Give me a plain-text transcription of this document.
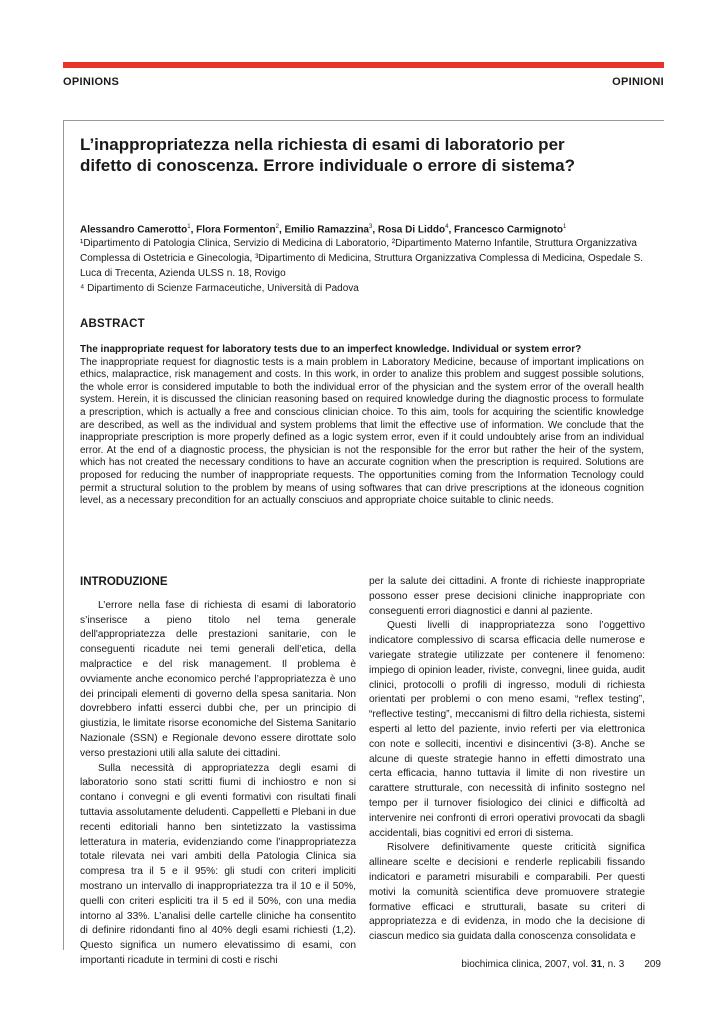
OPINIONS	OPINIONI
L’inappropriatezza nella richiesta di esami di laboratorio per difetto di conoscenza. Errore individuale o errore di sistema?
Alessandro Camerotto$^1$, Flora Formenton$^2$, Emilio Ramazzina$^3$, Rosa Di Liddo$^4$, Francesco Carmignoto$^1$

¹Dipartimento di Patologia Clinica, Servizio di Medicina di Laboratorio, ²Dipartimento Materno Infantile, Struttura Organizzativa Complessa di Ostetricia e Ginecologia, ³Dipartimento di Medicina, Struttura Organizzativa Complessa di Medicina, Ospedale S. Luca di Trecenta, Azienda ULSS n. 18, Rovigo

⁴ Dipartimento di Scienze Farmaceutiche, Università di Padova

ABSTRACT

The inappropriate request for laboratory tests due to an imperfect knowledge. Individual or system error?

The inappropriate request for diagnostic tests is a main problem in Laboratory Medicine, because of important implications on ethics, malapractice, risk management and costs. In this work, in order to analize this problem and suggest possible solutions, the whole error is considered imputable to both the individual error of the physician and the system error of the overall health system. Herein, it is discussed the clinician reasoning based on required knowledge during the diagnostic process to formulate a prescription, which is actually a free and conscious clinician choice. To this aim, tools for acquiring the scientific knowledge are described, as well as the individual and system problems that limit the effective use of information. We conclude that the inappropriate prescription is more properly defined as a logic system error, even if it could undoubtely arise from an individual error. At the end of a diagnostic process, the physician is not the responsible for the error but rather the heir of the system, which has not created the necessary conditions to have an accurate cognition when the prescription is required. Solutions are proposed for reducing the number of inappropriate requests. The opportunities coming from the Information Tecnology could permit a structural solution to the problem by means of using softwares that can drive prescriptions at the idoneous cognition level, as a necessary precondition for an actually consciuos and appropriate choice suitable to clinic needs.

INTRODUZIONE

L’errore nella fase di richiesta di esami di laboratorio s’inserisce a pieno titolo nel tema generale dell'appropriatezza delle prestazioni sanitarie, con le conseguenti ricadute nei temi generali dell’etica, della malpractice e del risk management. Il problema è ovviamente anche economico perché l’appropriatezza è uno dei principali elementi di governo della spesa sanitaria. Non dovrebbero infatti esserci dubbi che, per un principio di giustizia, le limitate risorse economiche del Sistema Sanitario Nazionale (SSN) e Regionale devono essere dirottate solo verso prestazioni utili alla salute dei cittadini.

Sulla necessità di appropriatezza degli esami di laboratorio sono stati scritti fiumi di inchiostro e non si contano i convegni e gli eventi formativi con risultati finali tuttavia assolutamente deludenti. Cappelletti e Plebani in due recenti editoriali hanno ben sintetizzato la vastissima letteratura in materia, evidenziando come l’inappropriatezza totale rilevata nei vari ambiti della Patologia Clinica sia compresa tra il 5 e il 95%: gli studi con criteri impliciti mostrano un intervallo di inappropriatezza tra il 10 e il 50%, quelli con criteri espliciti tra il 5 ed il 50%, con una media intorno al 33%. L’analisi delle cartelle cliniche ha consentito di definire ridondanti fino al 40% degli esami richiesti (1,2). Questo significa un numero elevatissimo di esami, con importanti ricadute in termini di costi e rischi

per la salute dei cittadini. A fronte di richieste inappropriate possono esser prese decisioni cliniche inappropriate con conseguenti errori diagnostici e danni al paziente.

Questi livelli di inappropriatezza sono l’oggettivo indicatore complessivo di scarsa efficacia delle numerose e variegate strategie utilizzate per contenere il fenomeno: impiego di opinion leader, riviste, convegni, linee guida, audit clinici, protocolli o profili di ingresso, moduli di richiesta orientati per problemi o con meno esami, “reflex testing”, “reflective testing”, meccanismi di filtro della richiesta, sistemi esperti al letto del paziente, invio referti per via elettronica con note e solleciti, incentivi e disincentivi (3-8). Anche se alcune di queste strategie hanno in effetti dimostrato una certa efficacia, hanno tuttavia il limite di non rivestire un carattere strutturale, con necessità di infinito sostegno nel tempo per il turnover fisiologico dei clinici e difficoltà ad intervenire nei confronti di errori operativi provocati da sbagli accidentali, bias cognitivi ed errori di sistema.

Risolvere definitivamente queste criticità significa allineare scelte e decisioni e renderle replicabili fissando indicatori e parametri misurabili e comparabili. Per questi motivi la comunità scientifica deve promuovere strategie formative efficaci e strutturali, basate su criteri di appropriatezza e di evidenza, in modo che la decisione di ciascun medico sia guidata dalla conoscenza consolidata e

biochimica clinica, 2007, vol. 31, n. 3 209
